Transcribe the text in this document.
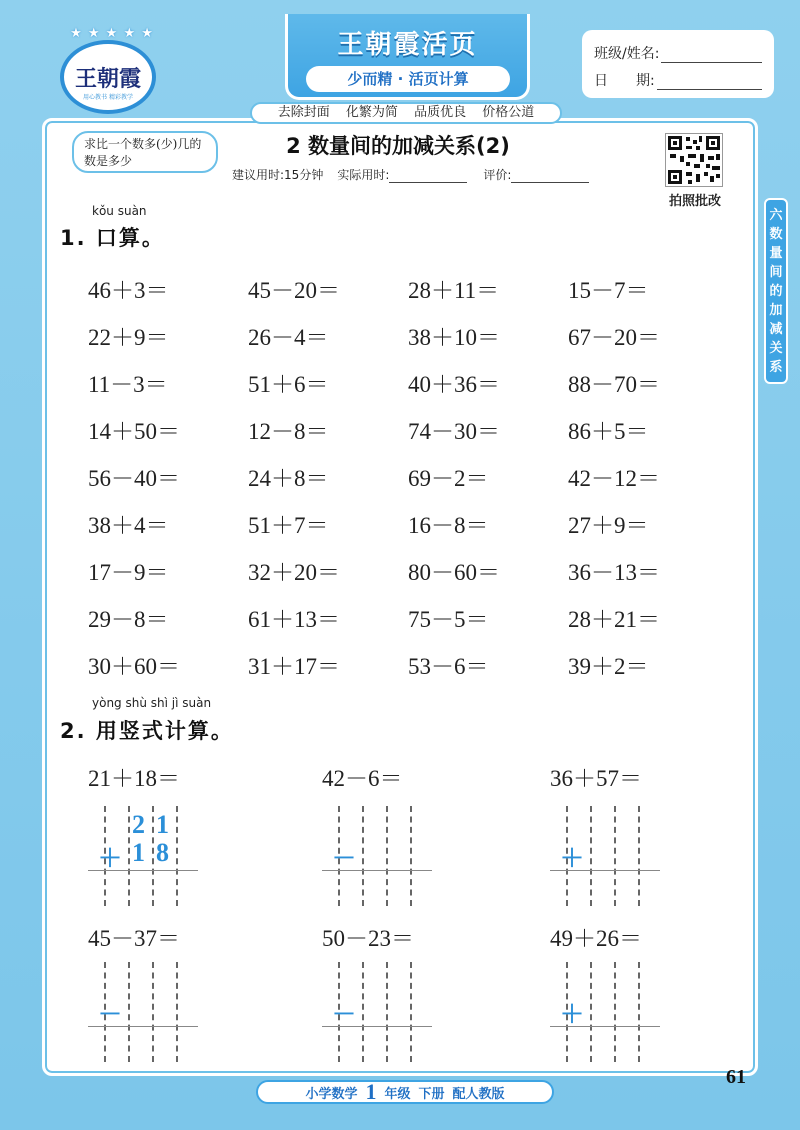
★ ★ ★ ★ ★
王朝霞
用心教书 精彩教学
王朝霞活页
少而精 · 活页计算
去除封面 化繁为简 品质优良 价格公道
班级/姓名:
日　　期:
求比一个数多(少)几的数是多少
2 数量间的加减关系(2)
建议用时:15分钟 实际用时:	评价:
拍照批改
六
数
量
间
的
加
减
关
系
kǒu suàn
1. 口算。
46＋3＝	45－20＝	28＋11＝	15－7＝
22＋9＝	26－4＝	38＋10＝	67－20＝
11－3＝	51＋6＝	40＋36＝	88－70＝
14＋50＝	12－8＝	74－30＝	86＋5＝
56－40＝	24＋8＝	69－2＝	42－12＝
38＋4＝	51＋7＝	16－8＝	27＋9＝
17－9＝	32＋20＝	80－60＝	36－13＝
29－8＝	61＋13＝	75－5＝	28＋21＝
30＋60＝	31＋17＝	53－6＝	39＋2＝
yòng shù shì jì suàn
2. 用竖式计算。
21＋18＝
＋
2 1
1 8
42－6＝
－
36＋57＝
＋
45－37＝
－
50－23＝
－
49＋26＝
＋
小学数学 1 年级 下册 配人教版
61
